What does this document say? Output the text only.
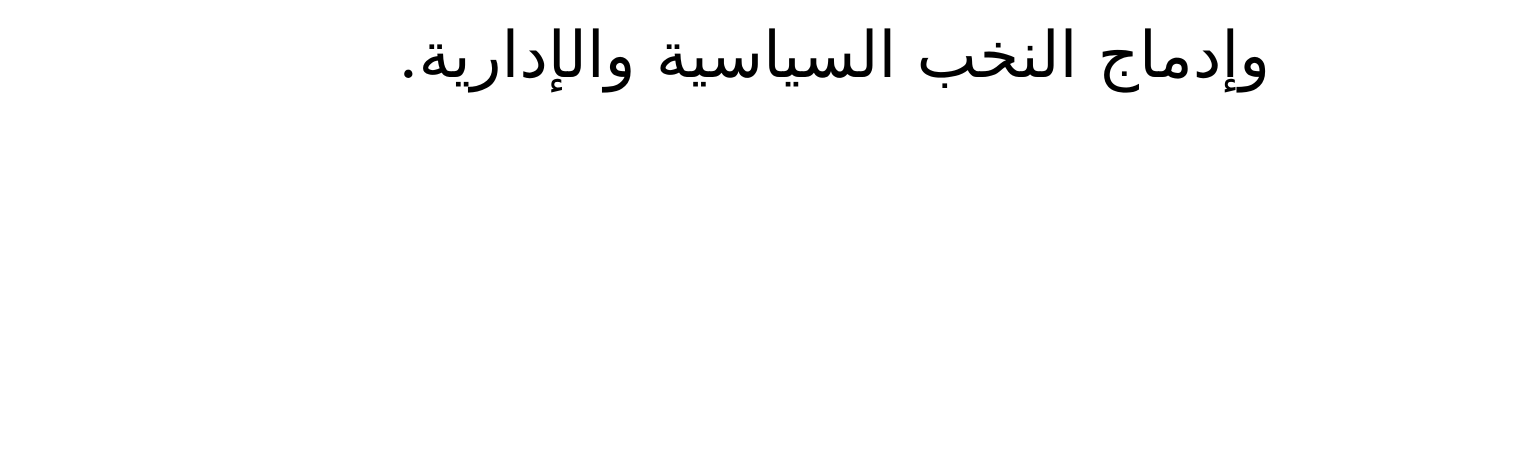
وإدماج النخب السياسية والإدارية.
